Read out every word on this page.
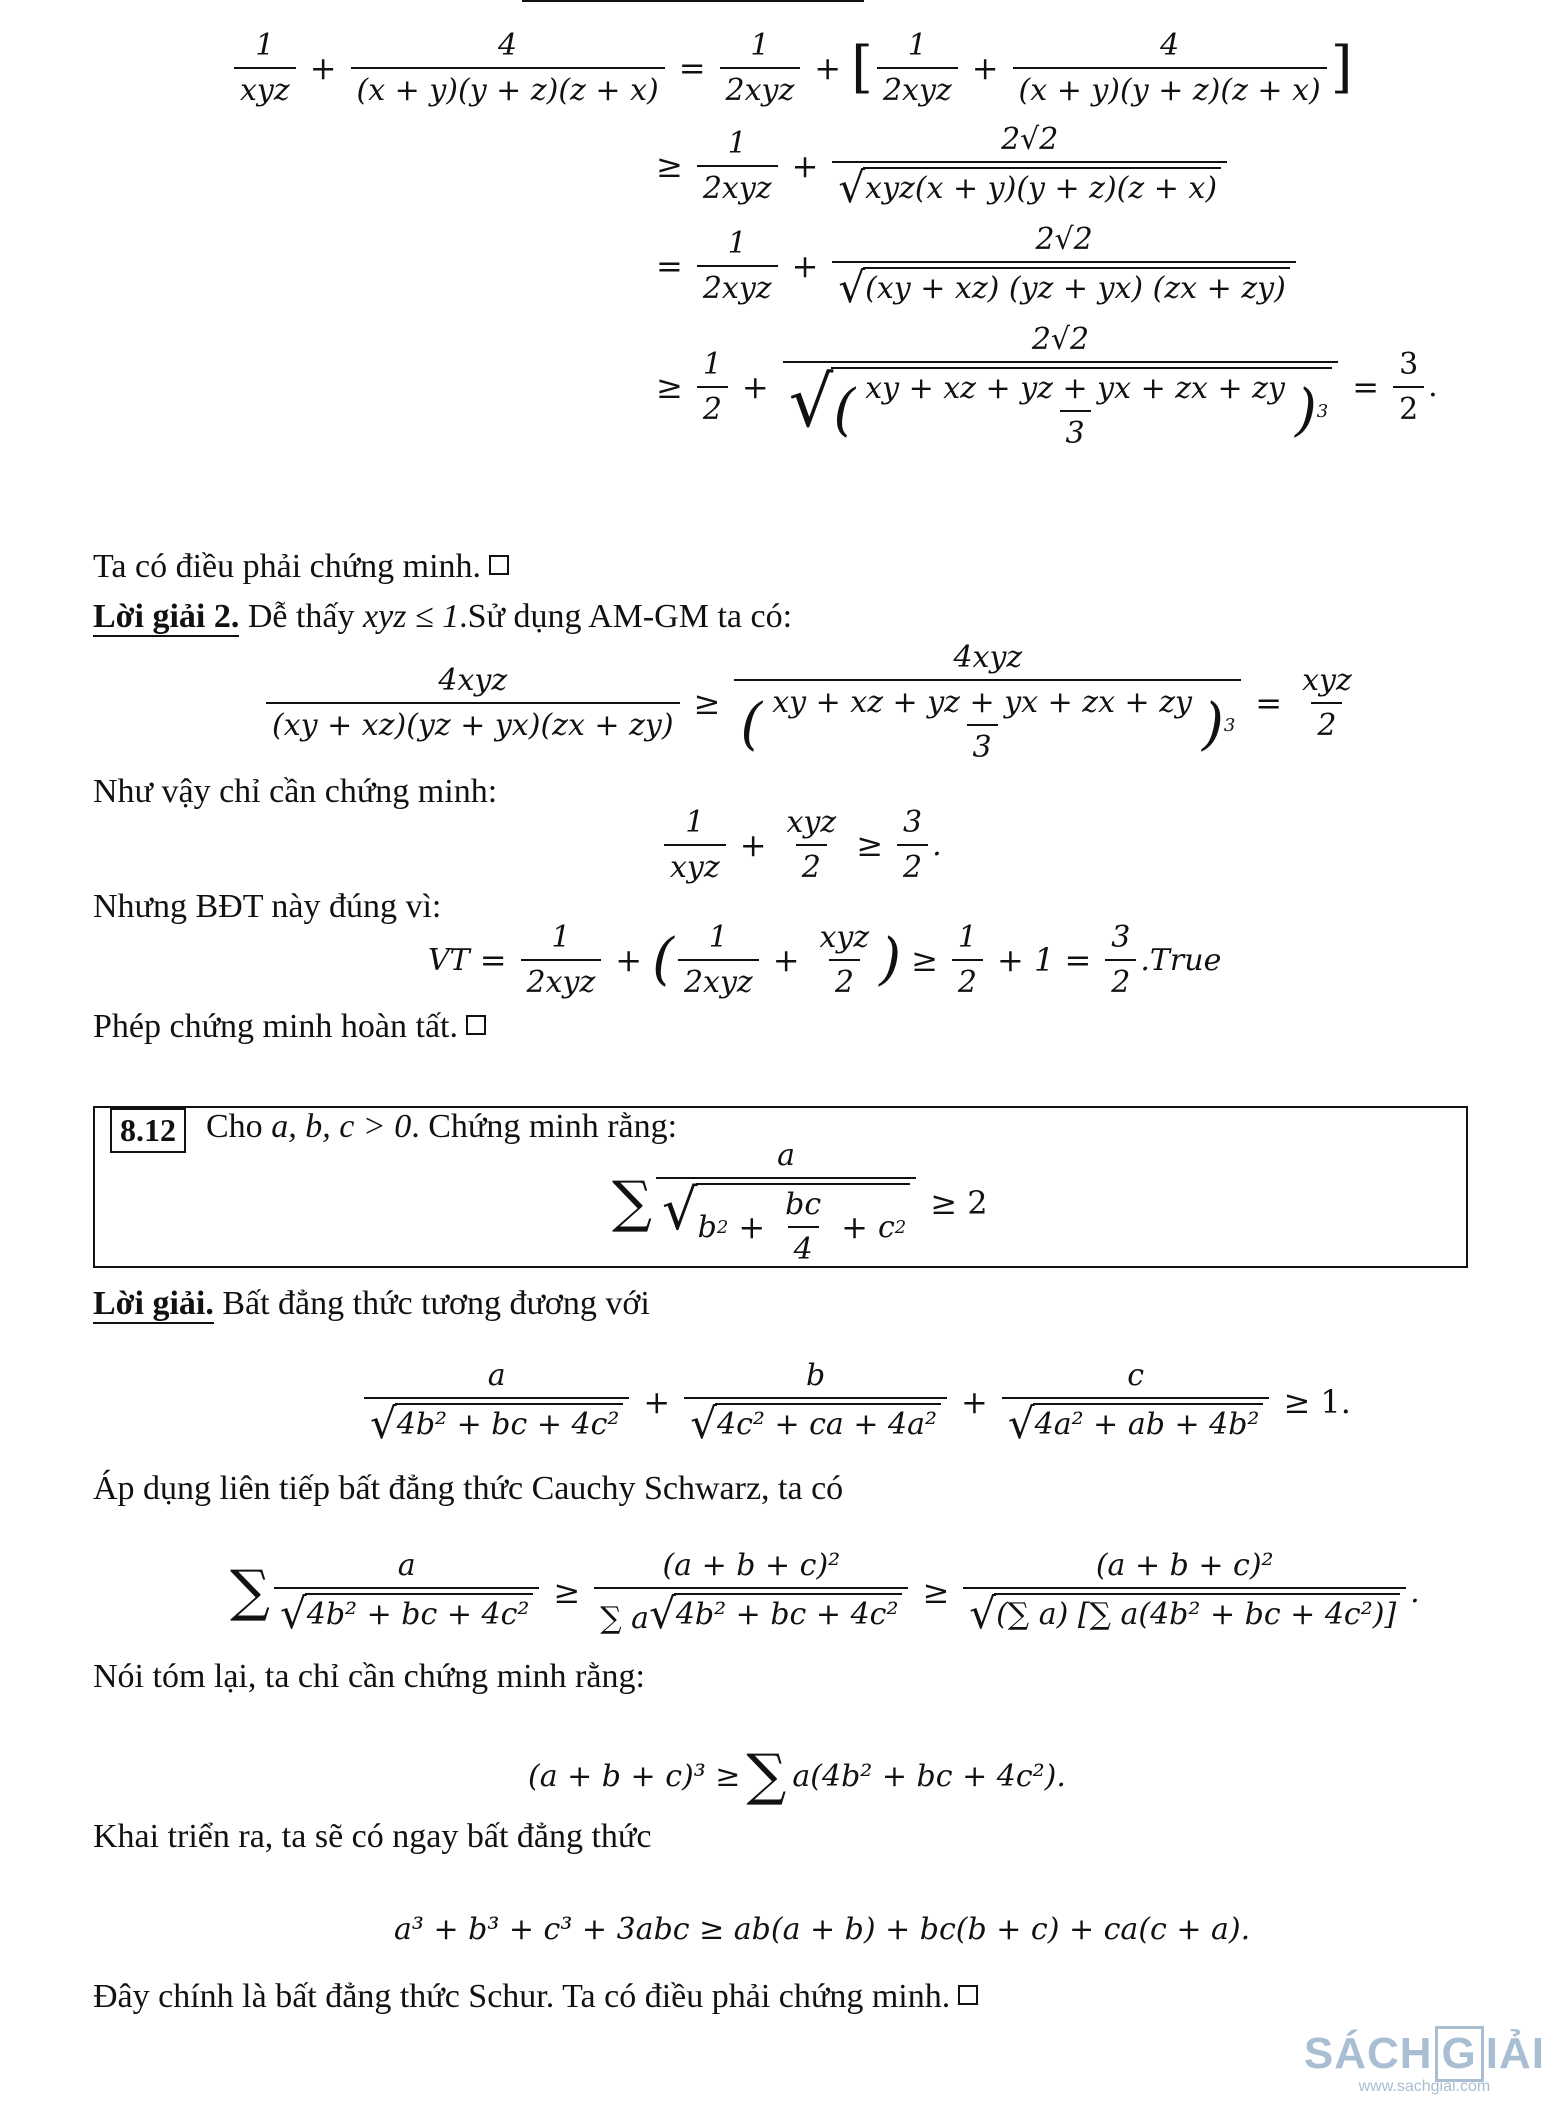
$\frac{1}{\text{xyz}} + \frac{4}{(x + y)(y + z)(z + x)} = \frac{1}{\text{2xyz}}$ + [ $\frac{1}{\text{2xyz}} + \frac{4}{(x + y)(y + z)(z + x)}$ ]
≥ $\frac{1}{\text{2xyz}} + \frac{2√2}{\text{√ xyz(x + y)(y + z)(z + x)}}$
= $\frac{1}{\text{2xyz}} + \frac{2√2}{√ (xy + xz) (yz + yx) (zx + zy)}$
≥ $\frac{1}{2} + \frac{2√2}{√ ( \frac{xy + xz + yz + yx + zx + zy}{3} ) 3} = \frac{3}{2}$ .
Ta có điều phải chứng minh.
Lời giải 2. Dễ thấy xyz ≤ 1.Sử dụng AM-GM ta có:
$\frac{\text{4xyz}}{(xy + xz)(yz + yx)(zx + zy)} \ge \frac{\text{4xyz}}{( \frac{xy + xz + yz + yx + zx + zy}{3} ) 3} = \frac{\text{xyz}}{2}$
Như vậy chỉ cần chứng minh:
$\frac{1}{\text{xyz}} + \frac{\text{xyz}}{2} \ge \frac{3}{2}$ .
Nhưng BĐT này đúng vì:
VT = $\frac{1}{\text{2xyz}}$ + ( $\frac{1}{\text{2xyz}} + \frac{\text{xyz}}{2}$ ) ≥ $\frac{1}{2} + 1 = \frac{3}{2}$ .True
Phép chứng minh hoàn tất.
8.12 Cho a, b, c > 0. Chứng minh rằng:
∑ $\frac{a}{√ b 2 + \frac{bc}{4} + c 2} \ge 2$
Lời giải. Bất đẳng thức tương đương với
$\frac{a}{\text{√ 4b² + bc + 4c²}} + \frac{b}{\text{√ 4c² + ca + 4a²}} + \frac{c}{\text{√ 4a² + ab + 4b²}} \ge 1$.
Áp dụng liên tiếp bất đẳng thức Cauchy Schwarz, ta có
∑ $\frac{a}{\text{√ 4b² + bc + 4c²}} \ge \frac{\text{(a + b + c)²}}{\text{∑ a √ 4b² + bc + 4c²}} \ge \frac{\text{(a + b + c)²}}{\text{√ (∑ a) [∑ a(4b² + bc + 4c²)]}}$ .
Nói tóm lại, ta chỉ cần chứng minh rằng:
(a + b + c)³ ≥ ∑ a(4b² + bc + 4c²).
Khai triển ra, ta sẽ có ngay bất đẳng thức
a³ + b³ + c³ + 3abc ≥ ab(a + b) + bc(b + c) + ca(c + a).
Đây chính là bất đẳng thức Schur. Ta có điều phải chứng minh.
SÁCH G IẢI
www.sachgiai.com
